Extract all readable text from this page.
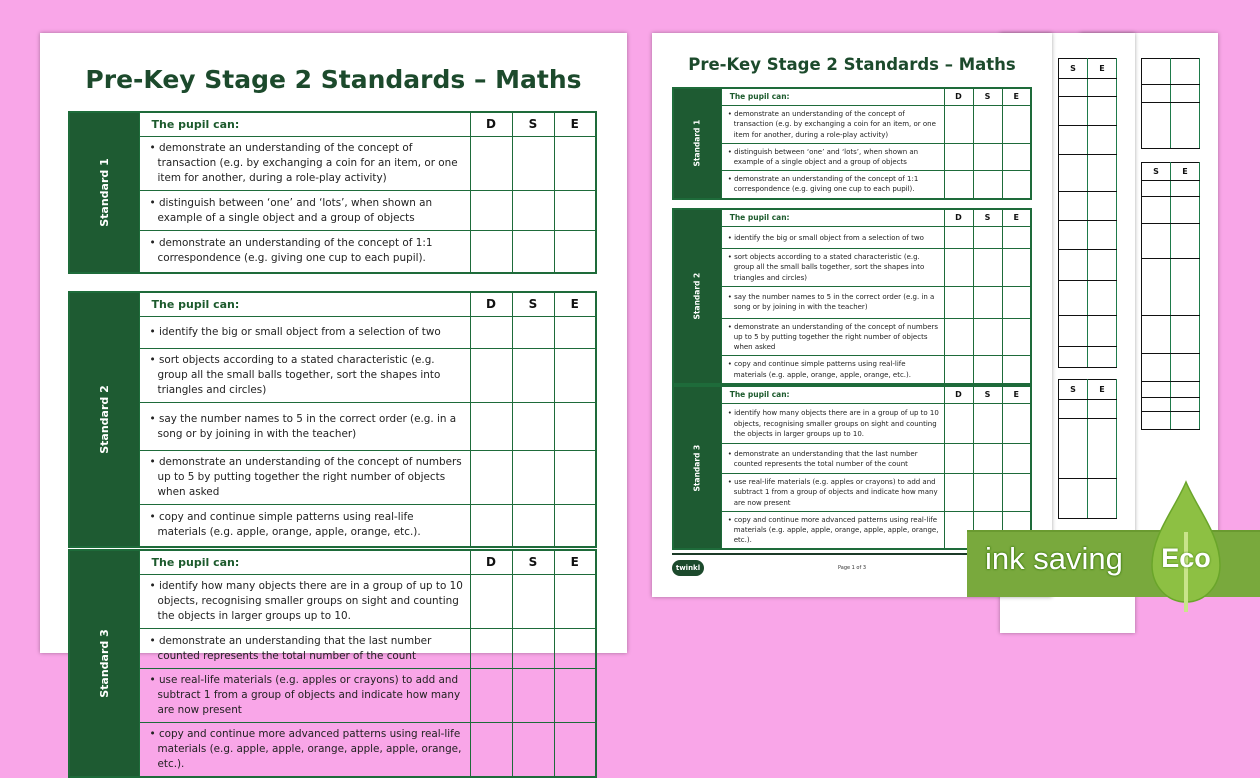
Pre-Key Stage 2 Standards – Maths
Standard 1	The pupil can:	D	S	E
	• demonstrate an understanding of the concept of transaction (e.g. by exchanging a coin for an item, or one item for another, during a role-play activity)			
	• distinguish between ‘one’ and ‘lots’, when shown an example of a single object and a group of objects			
	• demonstrate an understanding of the concept of 1:1 correspondence (e.g. giving one cup to each pupil).			
Standard 2	The pupil can:	D	S	E
	• identify the big or small object from a selection of two			
	• sort objects according to a stated characteristic (e.g. group all the small balls together, sort the shapes into triangles and circles)			
	• say the number names to 5 in the correct order (e.g. in a song or by joining in with the teacher)			
	• demonstrate an understanding of the concept of numbers up to 5 by putting together the right number of objects when asked			
	• copy and continue simple patterns using real-life materials (e.g. apple, orange, apple, orange, etc.).			
Standard 3	The pupil can:	D	S	E
	• identify how many objects there are in a group of up to 10 objects, recognising smaller groups on sight and counting the objects in larger groups up to 10.			
	• demonstrate an understanding that the last number counted represents the total number of the count			
	• use real-life materials (e.g. apples or crayons) to add and subtract 1 from a group of objects and indicate how many are now present			
	• copy and continue more advanced patterns using real-life materials (e.g. apple, apple, orange, apple, apple, orange, etc.).			
Pre-Key Stage 2 Standards – Maths
twinkl	Page 1 of 3
Standard 1	The pupil can:	D	S	E
	• demonstrate an understanding of the concept of transaction (e.g. by exchanging a coin for an item, or one item for another, during a role-play activity)			
	• distinguish between ‘one’ and ‘lots’, when shown an example of a single object and a group of objects			
	• demonstrate an understanding of the concept of 1:1 correspondence (e.g. giving one cup to each pupil).			
Standard 2	The pupil can:	D	S	E
	• identify the big or small object from a selection of two			
	• sort objects according to a stated characteristic (e.g. group all the small balls together, sort the shapes into triangles and circles)			
	• say the number names to 5 in the correct order (e.g. in a song or by joining in with the teacher)			
	• demonstrate an understanding of the concept of numbers up to 5 by putting together the right number of objects when asked			
	• copy and continue simple patterns using real-life materials (e.g. apple, orange, apple, orange, etc.).			
Standard 3	The pupil can:	D	S	E
	• identify how many objects there are in a group of up to 10 objects, recognising smaller groups on sight and counting the objects in larger groups up to 10.			
	• demonstrate an understanding that the last number counted represents the total number of the count			
	• use real-life materials (e.g. apples or crayons) to add and subtract 1 from a group of objects and indicate how many are now present			
	• copy and continue more advanced patterns using real-life materials (e.g. apple, apple, orange, apple, apple, orange, etc.).			
S	E

S	E

S	E

ink saving	Eco
